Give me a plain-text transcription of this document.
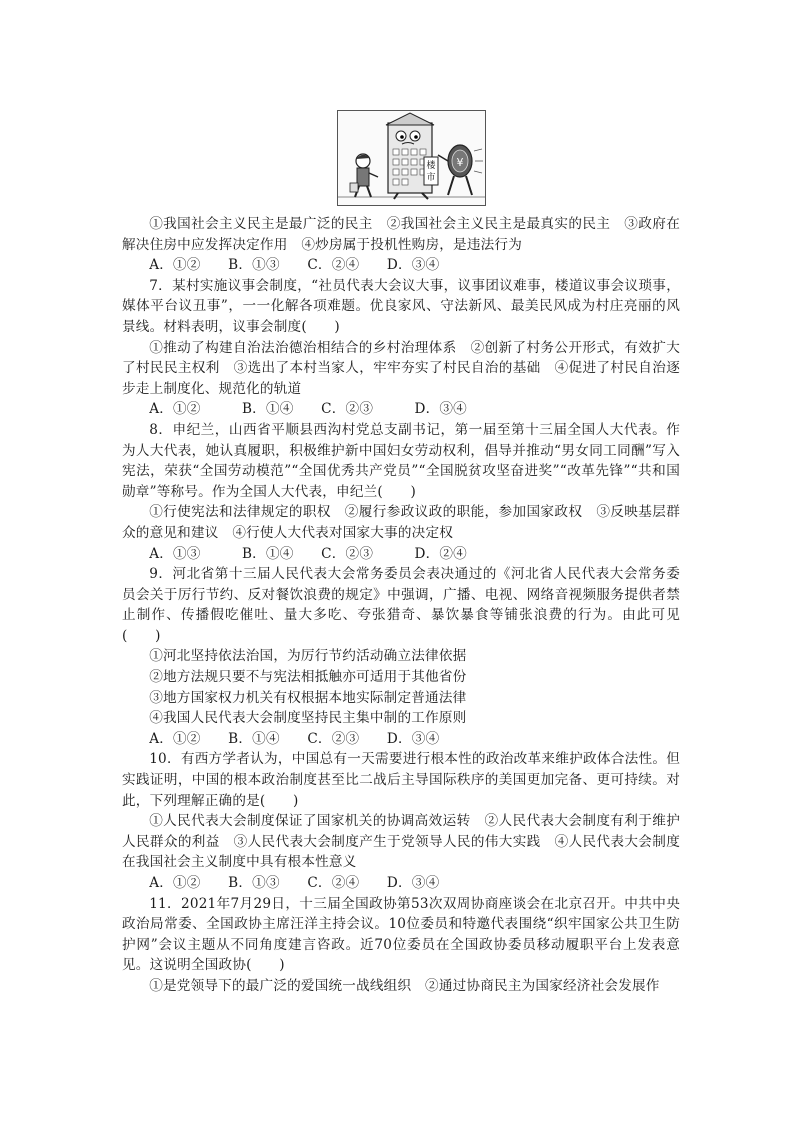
楼
市
¥

①我国社会主义民主是最广泛的民主　②我国社会主义民主是最真实的民主　③政府在解决住房中应发挥决定作用　④炒房属于投机性购房，是违法行为

A．①②　　B．①③　　C．②④　　D．③④

7．某村实施议事会制度，“社员代表大会议大事，议事团议难事，楼道议事会议琐事，媒体平台议丑事”，一一化解各项难题。优良家风、守法新风、最美民风成为村庄亮丽的风景线。材料表明，议事会制度(　　)

①推动了构建自治法治德治相结合的乡村治理体系　②创新了村务公开形式，有效扩大了村民民主权利　③选出了本村当家人，牢牢夯实了村民自治的基础　④促进了村民自治逐步走上制度化、规范化的轨道

A．①②　　　B．①④　　C．②③　　　D．③④

8．申纪兰，山西省平顺县西沟村党总支副书记，第一届至第十三届全国人大代表。作为人大代表，她认真履职，积极维护新中国妇女劳动权利，倡导并推动“男女同工同酬”写入宪法，荣获“全国劳动模范”“全国优秀共产党员”“全国脱贫攻坚奋进奖”“改革先锋”“共和国勋章”等称号。作为全国人大代表，申纪兰(　　)

①行使宪法和法律规定的职权　②履行参政议政的职能，参加国家政权　③反映基层群众的意见和建议　④行使人大代表对国家大事的决定权

A．①③　　　B．①④　　C．②③　　　D．②④

9．河北省第十三届人民代表大会常务委员会表决通过的《河北省人民代表大会常务委员会关于厉行节约、反对餐饮浪费的规定》中强调，广播、电视、网络音视频服务提供者禁止制作、传播假吃催吐、量大多吃、夸张猎奇、暴饮暴食等铺张浪费的行为。由此可见(　　)

①河北坚持依法治国，为厉行节约活动确立法律依据

②地方法规只要不与宪法相抵触亦可适用于其他省份

③地方国家权力机关有权根据本地实际制定普通法律

④我国人民代表大会制度坚持民主集中制的工作原则

A．①②　　B．①④　　C．②③　　D．③④

10．有西方学者认为，中国总有一天需要进行根本性的政治改革来维护政体合法性。但实践证明，中国的根本政治制度甚至比二战后主导国际秩序的美国更加完备、更可持续。对此，下列理解正确的是(　　)

①人民代表大会制度保证了国家机关的协调高效运转　②人民代表大会制度有利于维护人民群众的利益　③人民代表大会制度产生于党领导人民的伟大实践　④人民代表大会制度在我国社会主义制度中具有根本性意义

A．①②　　B．①③　　C．②④　　D．③④

11．2021年7月29日，十三届全国政协第53次双周协商座谈会在北京召开。中共中央政治局常委、全国政协主席汪洋主持会议。10位委员和特邀代表围绕“织牢国家公共卫生防护网”会议主题从不同角度建言咨政。近70位委员在全国政协委员移动履职平台上发表意见。这说明全国政协(　　)

①是党领导下的最广泛的爱国统一战线组织　②通过协商民主为国家经济社会发展作
